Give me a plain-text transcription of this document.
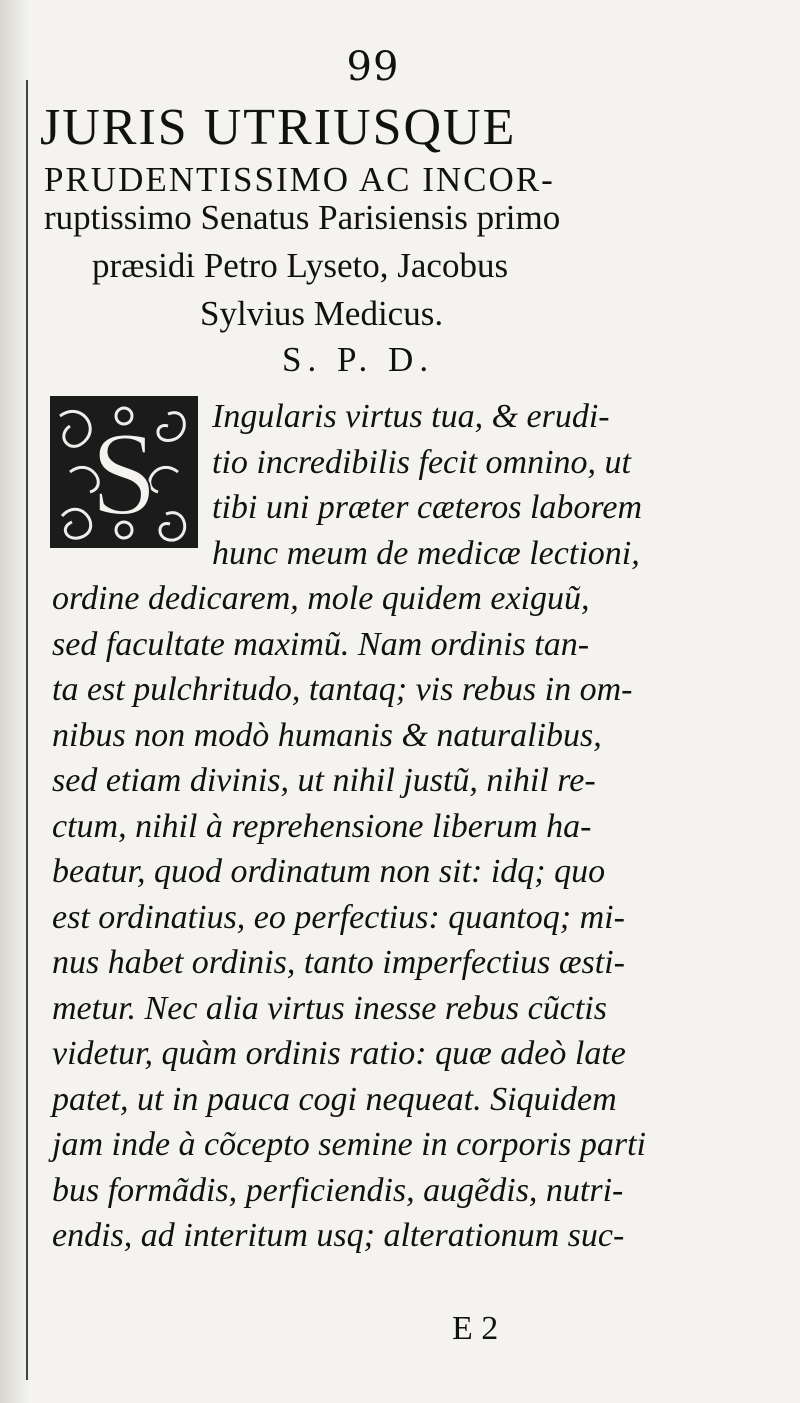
99
JURIS UTRIUSQUE
PRUDENTISSIMO AC INCOR-
ruptissimo Senatus Parisiensis primo
præsidi Petro Lyseto, Jacobus
Sylvius Medicus.
S. P. D.
S Ingularis virtus tua, & erudi-
tio incredibilis fecit omnino, ut
tibi uni præter cæteros laborem
hunc meum de medicæ lectioni,
ordine dedicarem, mole quidem exiguũ,
sed facultate maximũ. Nam ordinis tan-
ta est pulchritudo, tantaq; vis rebus in om-
nibus non modò humanis & naturalibus,
sed etiam divinis, ut nihil justũ, nihil re-
ctum, nihil à reprehensione liberum ha-
beatur, quod ordinatum non sit: idq; quo
est ordinatius, eo perfectius: quantoq; mi-
nus habet ordinis, tanto imperfectius æsti-
metur. Nec alia virtus inesse rebus cũctis
videtur, quàm ordinis ratio: quæ adeò late
patet, ut in pauca cogi nequeat. Siquidem
jam inde à cõcepto semine in corporis parti
bus formãdis, perficiendis, augẽdis, nutri-
endis, ad interitum usq; alterationum suc-
E 2
